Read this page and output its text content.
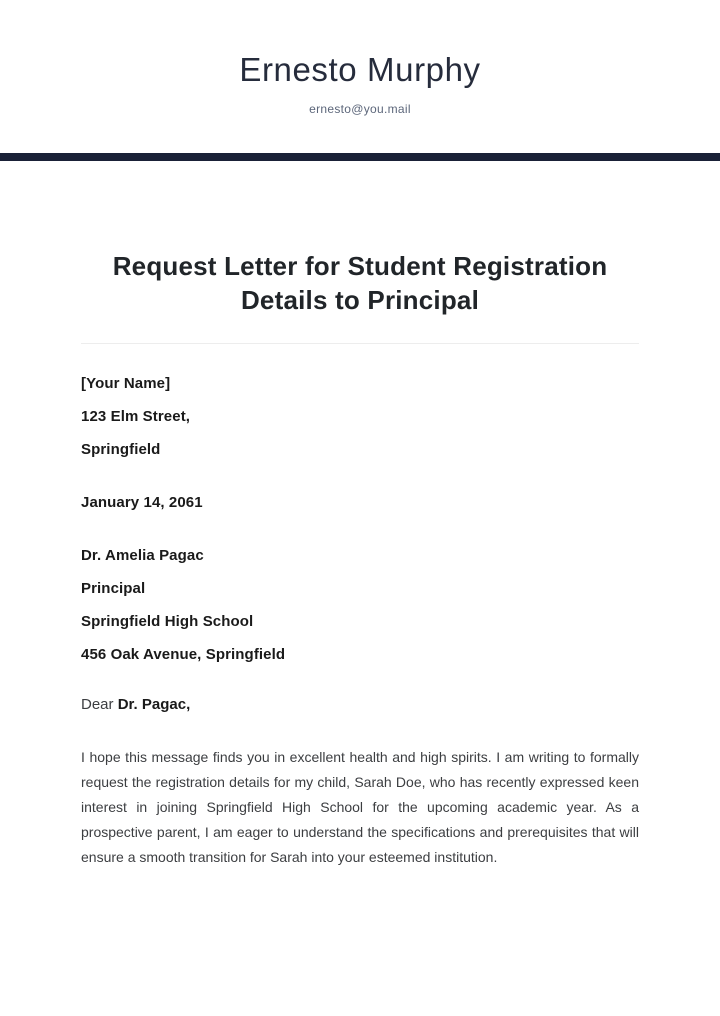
Ernesto Murphy
ernesto@you.mail
Request Letter for Student Registration
Details to Principal

[Your Name]

123 Elm Street,

Springfield

January 14, 2061

Dr. Amelia Pagac

Principal

Springfield High School

456 Oak Avenue, Springfield

Dear Dr. Pagac,

I hope this message finds you in excellent health and high spirits. I am writing to formally request the registration details for my child, Sarah Doe, who has recently expressed keen interest in joining Springfield High School for the upcoming academic year. As a prospective parent, I am eager to understand the specifications and prerequisites that will ensure a smooth transition for Sarah into your esteemed institution.
